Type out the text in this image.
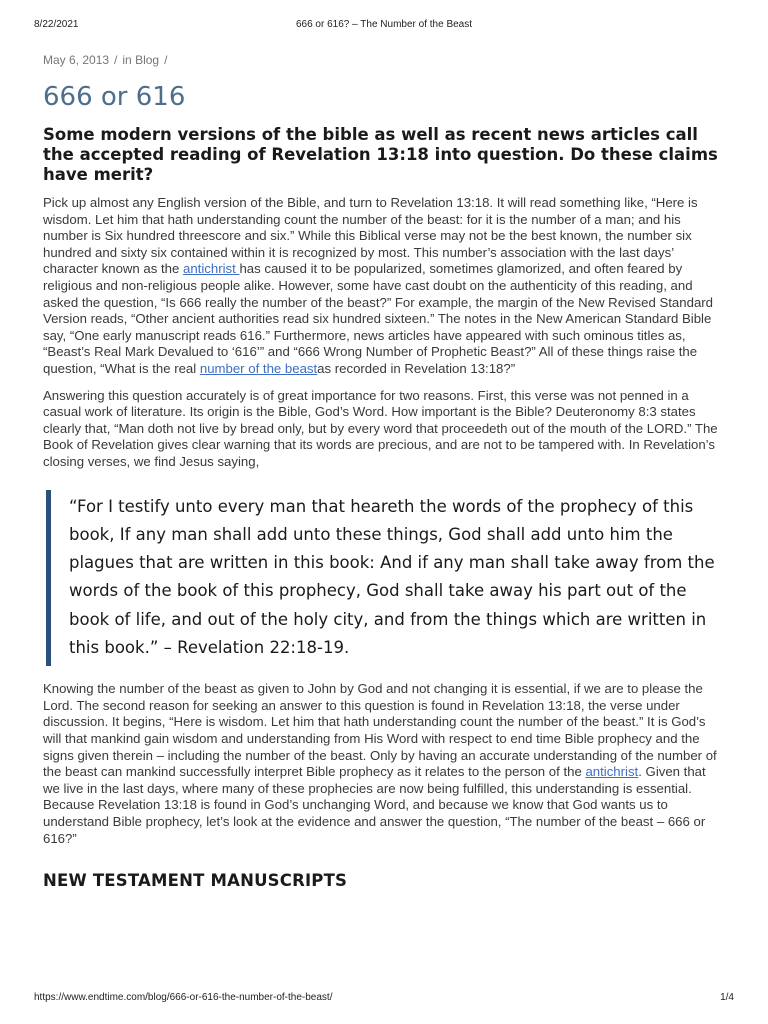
8/22/2021	666 or 616? – The Number of the Beast
May 6, 2013 / in Blog /
666 or 616
Some modern versions of the bible as well as recent news articles call the accepted reading of Revelation 13:18 into question. Do these claims have merit?

Pick up almost any English version of the Bible, and turn to Revelation 13:18. It will read something like, “Here is wisdom. Let him that hath understanding count the number of the beast: for it is the number of a man; and his number is Six hundred threescore and six.” While this Biblical verse may not be the best known, the number six hundred and sixty six contained within it is recognized by most. This number’s association with the last days’ character known as the antichrist has caused it to be popularized, sometimes glamorized, and often feared by religious and non-religious people alike. However, some have cast doubt on the authenticity of this reading, and asked the question, “Is 666 really the number of the beast?” For example, the margin of the New Revised Standard Version reads, “Other ancient authorities read six hundred sixteen.” The notes in the New American Standard Bible say, “One early manuscript reads 616.” Furthermore, news articles have appeared with such ominous titles as, “Beast’s Real Mark Devalued to ‘616’” and “666 Wrong Number of Prophetic Beast?” All of these things raise the question, “What is the real number of the beastas recorded in Revelation 13:18?”

Answering this question accurately is of great importance for two reasons. First, this verse was not penned in a casual work of literature. Its origin is the Bible, God’s Word. How important is the Bible? Deuteronomy 8:3 states clearly that, “Man doth not live by bread only, but by every word that proceedeth out of the mouth of the LORD.” The Book of Revelation gives clear warning that its words are precious, and are not to be tampered with. In Revelation’s closing verses, we find Jesus saying,

“For I testify unto every man that heareth the words of the prophecy of this book, If any man shall add unto these things, God shall add unto him the plagues that are written in this book: And if any man shall take away from the words of the book of this prophecy, God shall take away his part out of the book of life, and out of the holy city, and from the things which are written in this book.” – Revelation 22:18-19.

Knowing the number of the beast as given to John by God and not changing it is essential, if we are to please the Lord. The second reason for seeking an answer to this question is found in Revelation 13:18, the verse under discussion. It begins, “Here is wisdom. Let him that hath understanding count the number of the beast.” It is God’s will that mankind gain wisdom and understanding from His Word with respect to end time Bible prophecy and the signs given therein – including the number of the beast. Only by having an accurate understanding of the number of the beast can mankind successfully interpret Bible prophecy as it relates to the person of the antichrist. Given that we live in the last days, where many of these prophecies are now being fulfilled, this understanding is essential. Because Revelation 13:18 is found in God’s unchanging Word, and because we know that God wants us to understand Bible prophecy, let’s look at the evidence and answer the question, “The number of the beast – 666 or 616?”

NEW TESTAMENT MANUSCRIPTS
https://www.endtime.com/blog/666-or-616-the-number-of-the-beast/	1/4
